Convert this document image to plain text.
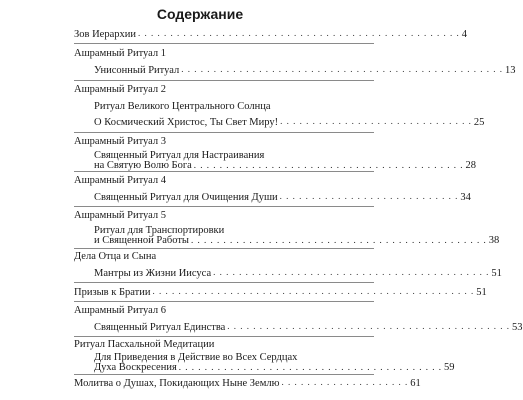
Содержание
Зов Иерархии . . . . . . . . . . . . . . . . . . . . . . . . . . . . . . . . . . . . . . . . . . . . . . . . . . 4
Ашрамный Ритуал 1
Унисонный Ритуал . . . . . . . . . . . . . . . . . . . . . . . . . . . . . . . . . . . . . . . . . . . . . . . . . . 13
Ашрамный Ритуал 2
Ритуал Великого Центрального Солнца
О Космический Христос, Ты Свет Миру! . . . . . . . . . . . . . . . . . . . . . . . . . . . . . . 25
Ашрамный Ритуал 3
Священный Ритуал для Настраивания
на Святую Волю Бога . . . . . . . . . . . . . . . . . . . . . . . . . . . . . . . . . . . . . . . . . . 28
Ашрамный Ритуал 4
Священный Ритуал для Очищения Души . . . . . . . . . . . . . . . . . . . . . . . . . . . . 34
Ашрамный Ритуал 5
Ритуал для Транспортировки
и Священной Работы . . . . . . . . . . . . . . . . . . . . . . . . . . . . . . . . . . . . . . . . . . . . . . 38
Дела Отца и Сына
Мантры из Жизни Иисуса . . . . . . . . . . . . . . . . . . . . . . . . . . . . . . . . . . . . . . . . . . . 51
Призыв к Братии . . . . . . . . . . . . . . . . . . . . . . . . . . . . . . . . . . . . . . . . . . . . . . . . . . 51
Ашрамный Ритуал 6
Священный Ритуал Единства . . . . . . . . . . . . . . . . . . . . . . . . . . . . . . . . . . . . . . . . . . . . 53
Ритуал Пасхальной Медитации
Для Приведения в Действие во Всех Сердцах
Духа Воскресения . . . . . . . . . . . . . . . . . . . . . . . . . . . . . . . . . . . . . . . . . 59
Молитва о Душах, Покидающих Ныне Землю . . . . . . . . . . . . . . . . . . . . 61
